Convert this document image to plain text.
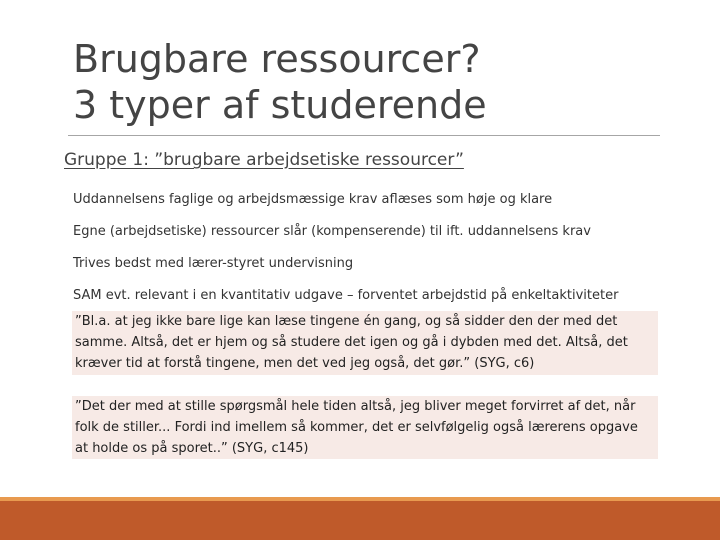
Brugbare ressourcer?
3 typer af studerende
Gruppe 1: ”brugbare arbejdsetiske ressourcer”
Uddannelsens faglige og arbejdsmæssige krav aflæses som høje og klare
Egne (arbejdsetiske) ressourcer slår (kompenserende) til ift. uddannelsens krav
Trives bedst med lærer-styret undervisning
SAM evt. relevant i en kvantitativ udgave – forventet arbejdstid på enkeltaktiviteter
”Bl.a. at jeg ikke bare lige kan læse tingene én gang, og så sidder den der med det samme. Altså, det er hjem og så studere det igen og gå i dybden med det. Altså, det kræver tid at forstå tingene, men det ved jeg også, det gør.” (SYG, c6)
”Det der med at stille spørgsmål hele tiden altså, jeg bliver meget forvirret af det, når folk de stiller... Fordi ind imellem så kommer, det er selvfølgelig også lærerens opgave at holde os på sporet..” (SYG, c145)
